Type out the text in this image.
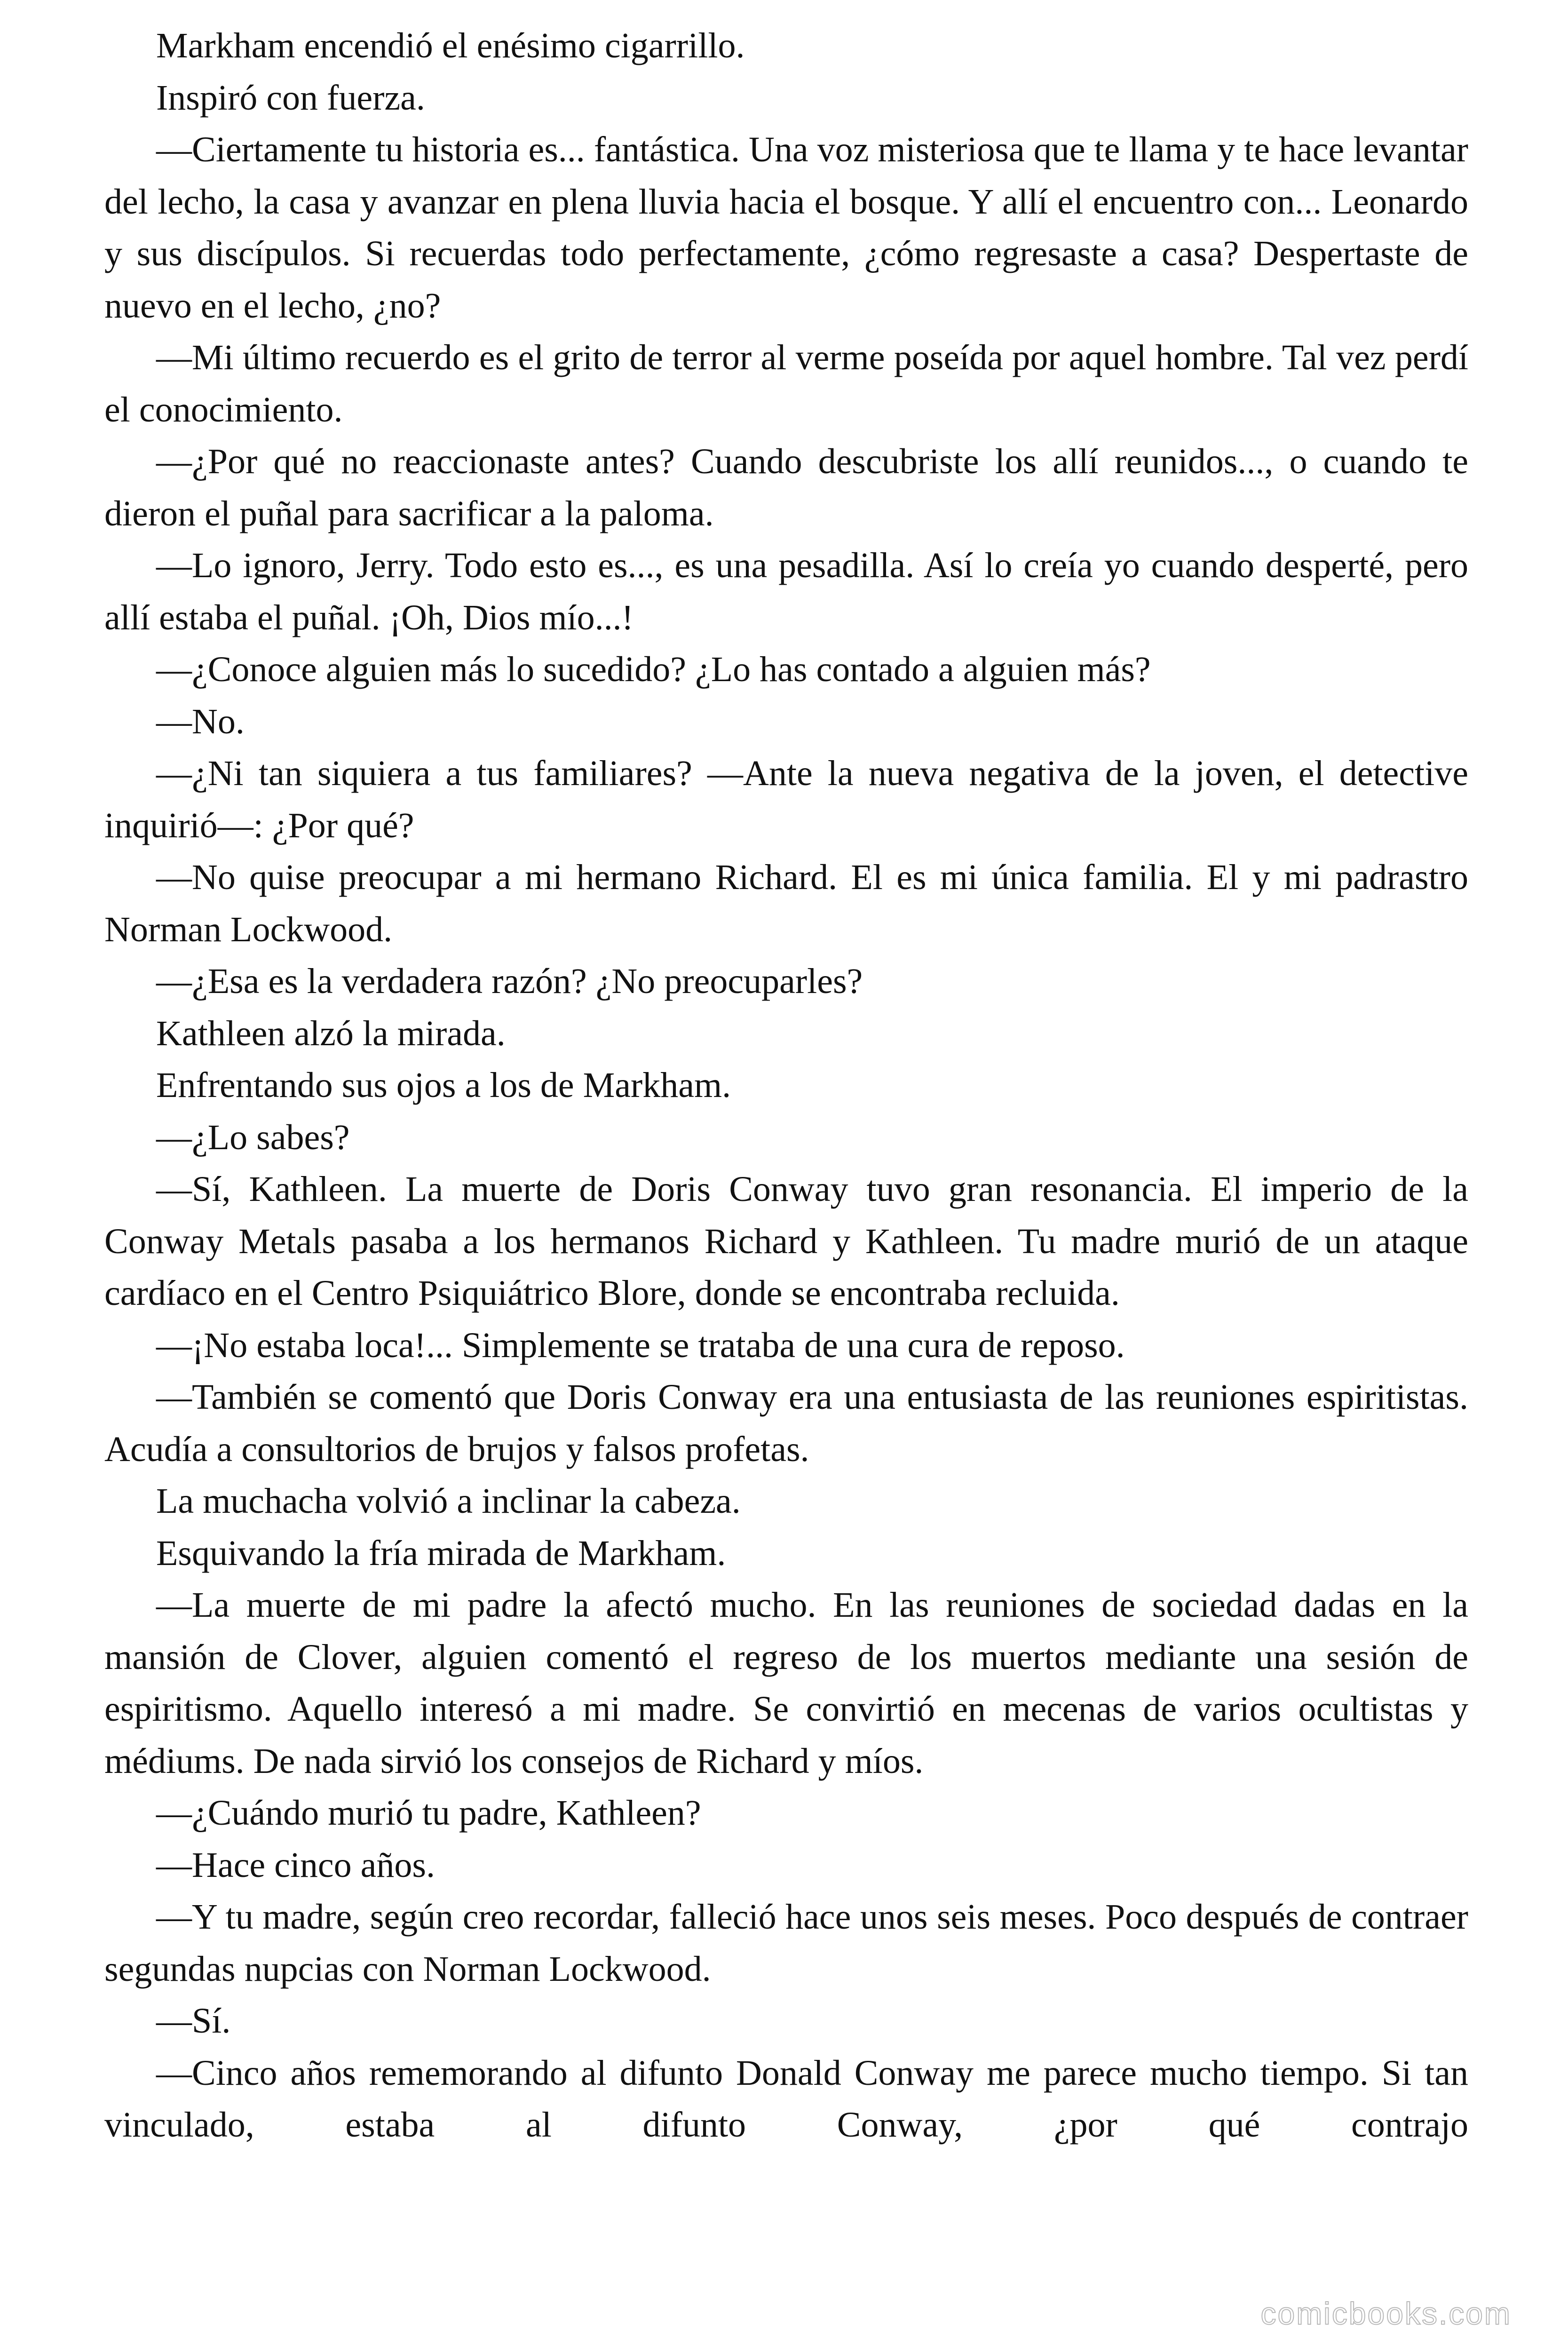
Markham encendió el enésimo cigarrillo.

Inspiró con fuerza.

—Ciertamente tu historia es... fantástica. Una voz misteriosa que te llama y te hace levantar del lecho, la casa y avanzar en plena lluvia hacia el bosque. Y allí el encuentro con... Leonardo y sus discípulos. Si recuerdas todo perfectamente, ¿cómo regresaste a casa? Despertaste de nuevo en el lecho, ¿no?

—Mi último recuerdo es el grito de terror al verme poseída por aquel hombre. Tal vez perdí el conocimiento.

—¿Por qué no reaccionaste antes? Cuando descubriste los allí reunidos..., o cuando te dieron el puñal para sacrificar a la paloma.

—Lo ignoro, Jerry. Todo esto es..., es una pesadilla. Así lo creía yo cuando desperté, pero allí estaba el puñal. ¡Oh, Dios mío...!

—¿Conoce alguien más lo sucedido? ¿Lo has contado a alguien más?

—No.

—¿Ni tan siquiera a tus familiares? —Ante la nueva negativa de la joven, el detective inquirió—: ¿Por qué?

—No quise preocupar a mi hermano Richard. El es mi única familia. El y mi padrastro Norman Lockwood.

—¿Esa es la verdadera razón? ¿No preocuparles?

Kathleen alzó la mirada.

Enfrentando sus ojos a los de Markham.

—¿Lo sabes?

—Sí, Kathleen. La muerte de Doris Conway tuvo gran resonancia. El imperio de la Conway Metals pasaba a los hermanos Richard y Kathleen. Tu madre murió de un ataque cardíaco en el Centro Psiquiátrico Blore, donde se encontraba recluida.

—¡No estaba loca!... Simplemente se trataba de una cura de reposo.

—También se comentó que Doris Conway era una entusiasta de las reuniones espiritistas. Acudía a consultorios de brujos y falsos profetas.

La muchacha volvió a inclinar la cabeza.

Esquivando la fría mirada de Markham.

—La muerte de mi padre la afectó mucho. En las reuniones de sociedad dadas en la mansión de Clover, alguien comentó el regreso de los muertos mediante una sesión de espiritismo. Aquello interesó a mi madre. Se convirtió en mecenas de varios ocultistas y médiums. De nada sirvió los consejos de Richard y míos.

—¿Cuándo murió tu padre, Kathleen?

—Hace cinco años.

—Y tu madre, según creo recordar, falleció hace unos seis meses. Poco después de contraer segundas nupcias con Norman Lockwood.

—Sí.

—Cinco años rememorando al difunto Donald Conway me parece mucho tiempo. Si tan vinculado, estaba al difunto Conway, ¿por qué contrajo

comicbooks.com
